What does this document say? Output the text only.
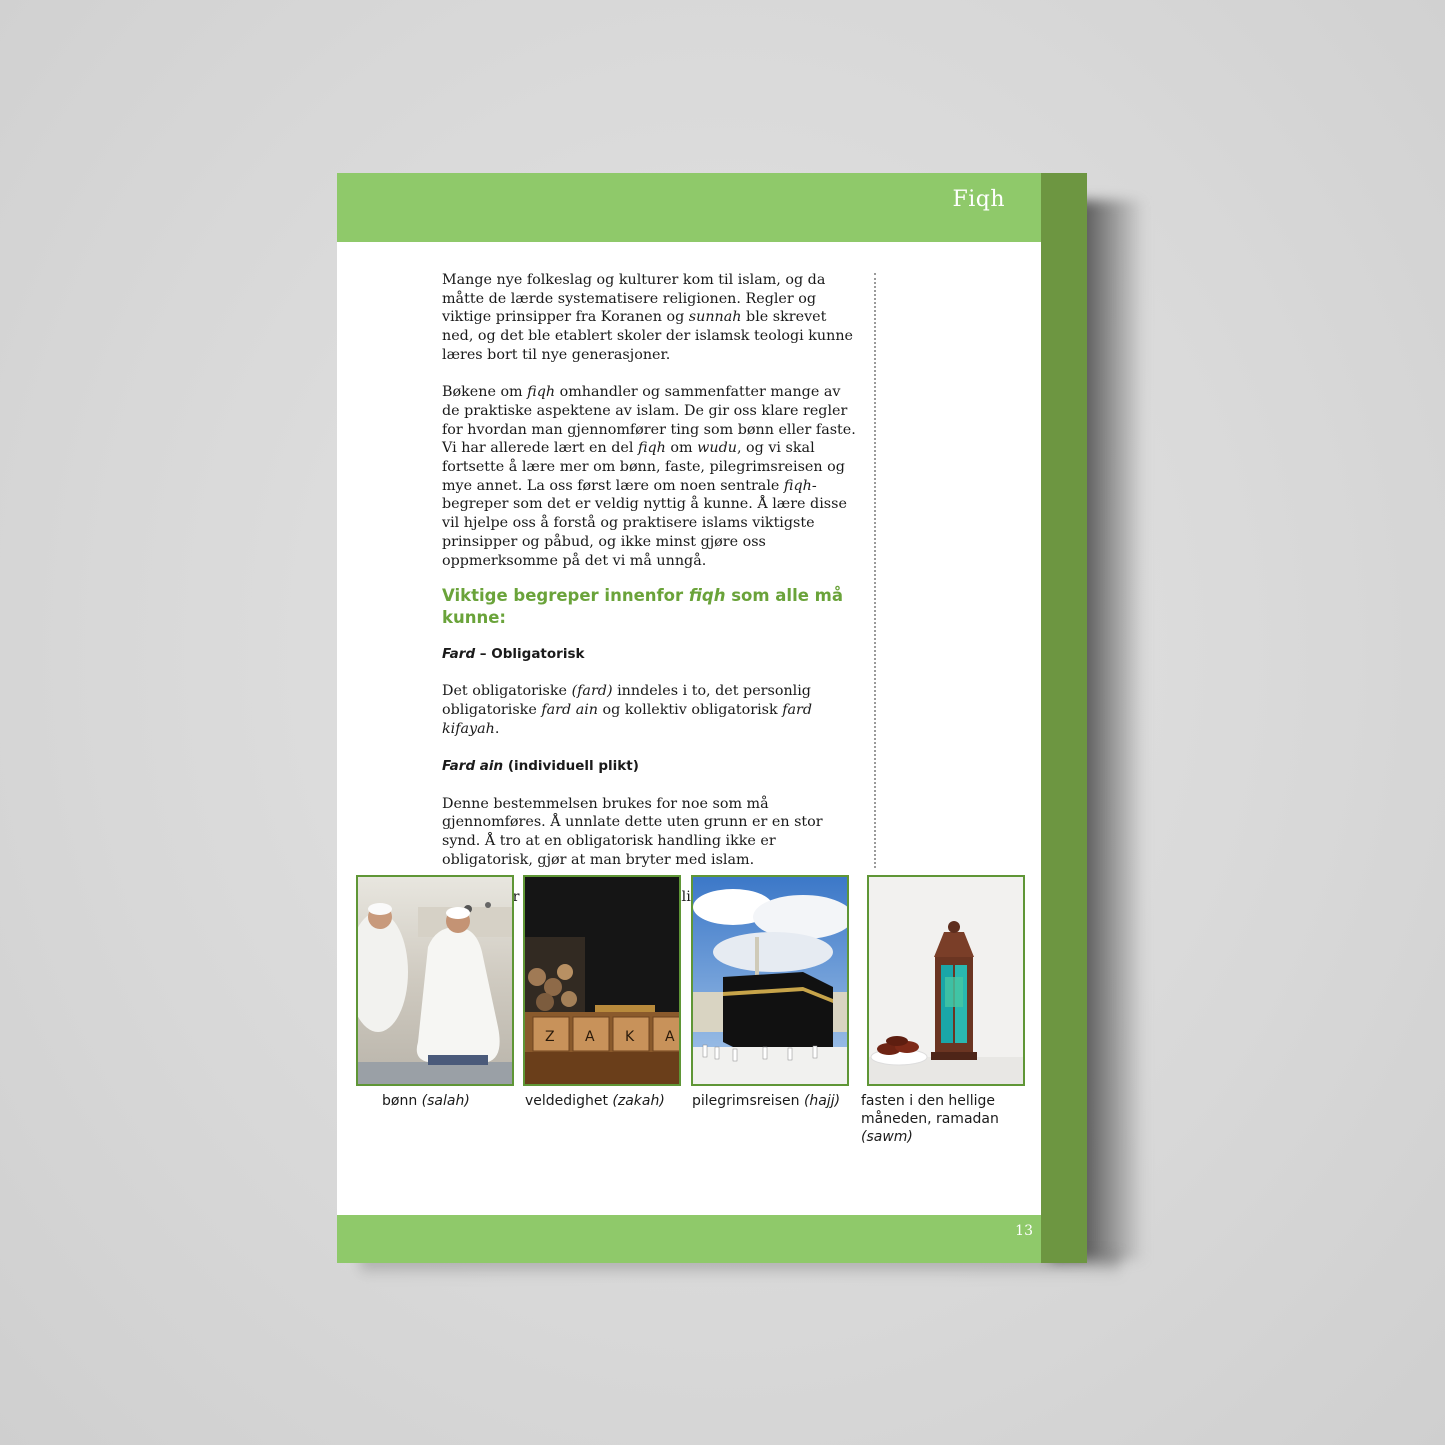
Fiqh

Mange nye folkeslag og kulturer kom til islam, og da måtte de lærde systematisere religionen. Regler og viktige prinsipper fra Koranen og sunnah ble skrevet ned, og det ble etablert skoler der islamsk teologi kunne læres bort til nye generasjoner.

Bøkene om fiqh omhandler og sammenfatter mange av de praktiske aspektene av islam. De gir oss klare regler for hvordan man gjennomfører ting som bønn eller faste. Vi har allerede lært en del fiqh om wudu, og vi skal fortsette å lære mer om bønn, faste, pilegrimsreisen og mye annet. La oss først lære om noen sentrale fiqh-begreper som det er veldig nyttig å kunne. Å lære disse vil hjelpe oss å forstå og praktisere islams viktigste prinsipper og påbud, og ikke minst gjøre oss oppmerksomme på det vi må unngå.

Viktige begreper innenfor fiqh som alle må kunne:

Fard – Obligatorisk

Det obligatoriske (fard) inndeles i to, det personlig obligatoriske fard ain og kollektiv obligatorisk fard kifayah.

Fard ain (individuell plikt)

Denne bestemmelsen brukes for noe som må gjennomføres. Å unnlate dette uten grunn er en stor synd. Å tro at en obligatorisk handling ikke er obligatorisk, gjør at man bryter med islam.

handlinger

bønn (salah)
Z A K A
veldedighet (zakah) pilegrimsreisen (hajj) fasten i den hellige måneden, ramadan (sawm)
13
